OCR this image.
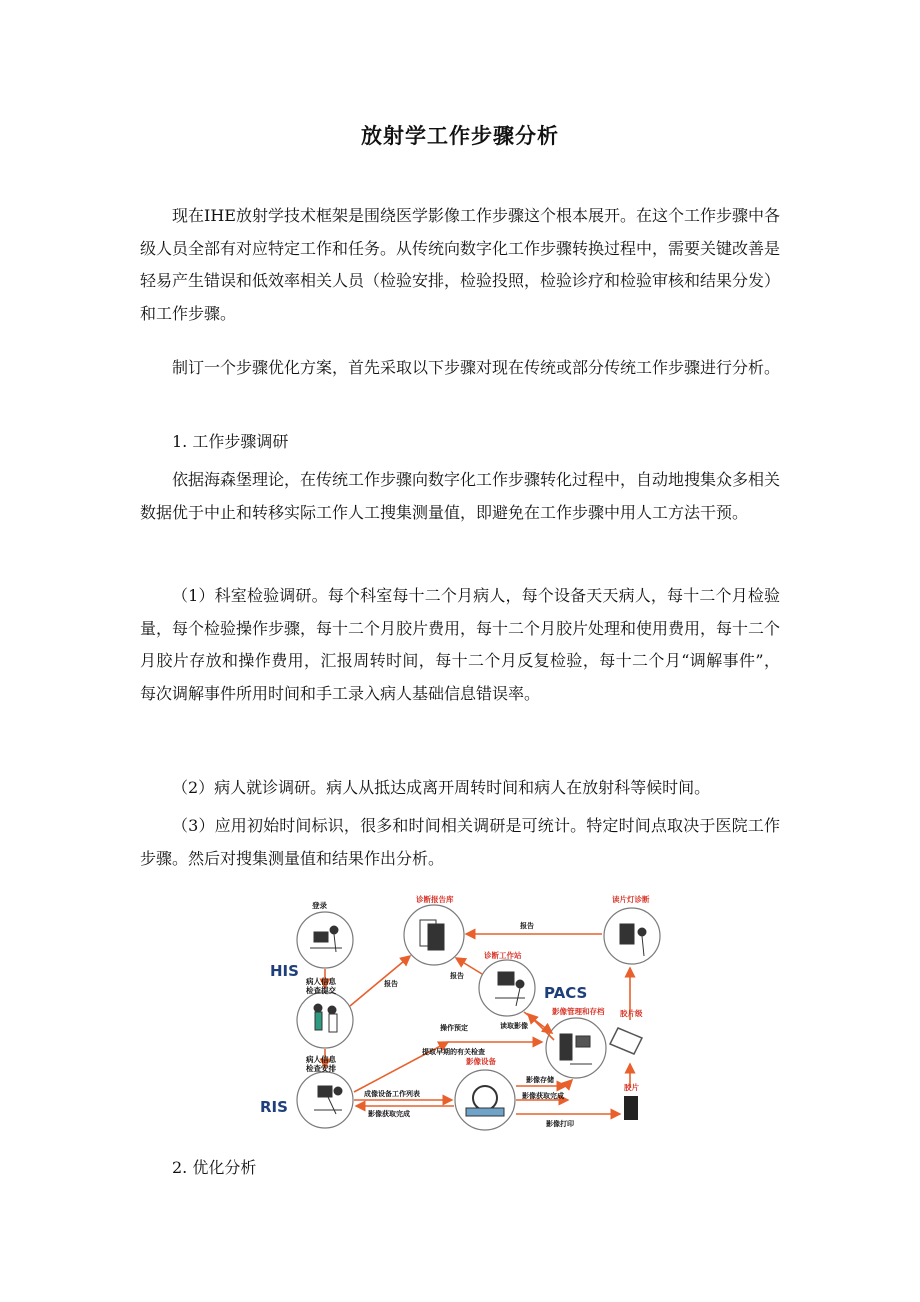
放射学工作步骤分析

现在IHE放射学技术框架是围绕医学影像工作步骤这个根本展开。在这个工作步骤中各级人员全部有对应特定工作和任务。从传统向数字化工作步骤转换过程中，需要关键改善是轻易产生错误和低效率相关人员（检验安排，检验投照，检验诊疗和检验审核和结果分发）和工作步骤。

制订一个步骤优化方案，首先采取以下步骤对现在传统或部分传统工作步骤进行分析。

1. 工作步骤调研

依据海森堡理论，在传统工作步骤向数字化工作步骤转化过程中，自动地搜集众多相关数据优于中止和转移实际工作人工搜集测量值，即避免在工作步骤中用人工方法干预。

（1）科室检验调研。每个科室每十二个月病人，每个设备天天病人，每十二个月检验量，每个检验操作步骤，每十二个月胶片费用，每十二个月胶片处理和使用费用，每十二个月胶片存放和操作费用，汇报周转时间，每十二个月反复检验，每十二个月“调解事件”，每次调解事件所用时间和手工录入病人基础信息错误率。

（2）病人就诊调研。病人从抵达成离开周转时间和病人在放射科等候时间。

（3）应用初始时间标识，很多和时间相关调研是可统计。特定时间点取决于医院工作步骤。然后对搜集测量值和结果作出分析。

HIS
RIS
PACS
登录
病人信息
检查提交
病人信息
检查安排
诊断报告库
诊断工作站
影像管理和存档
读片灯诊断
胶片级
胶片
影像设备
报告
报告
报告
读取影像
操作预定
提取早期的有关检查
成像设备工作列表
影像获取完成
影像存储
影像获取完成
影像打印

2. 优化分析
